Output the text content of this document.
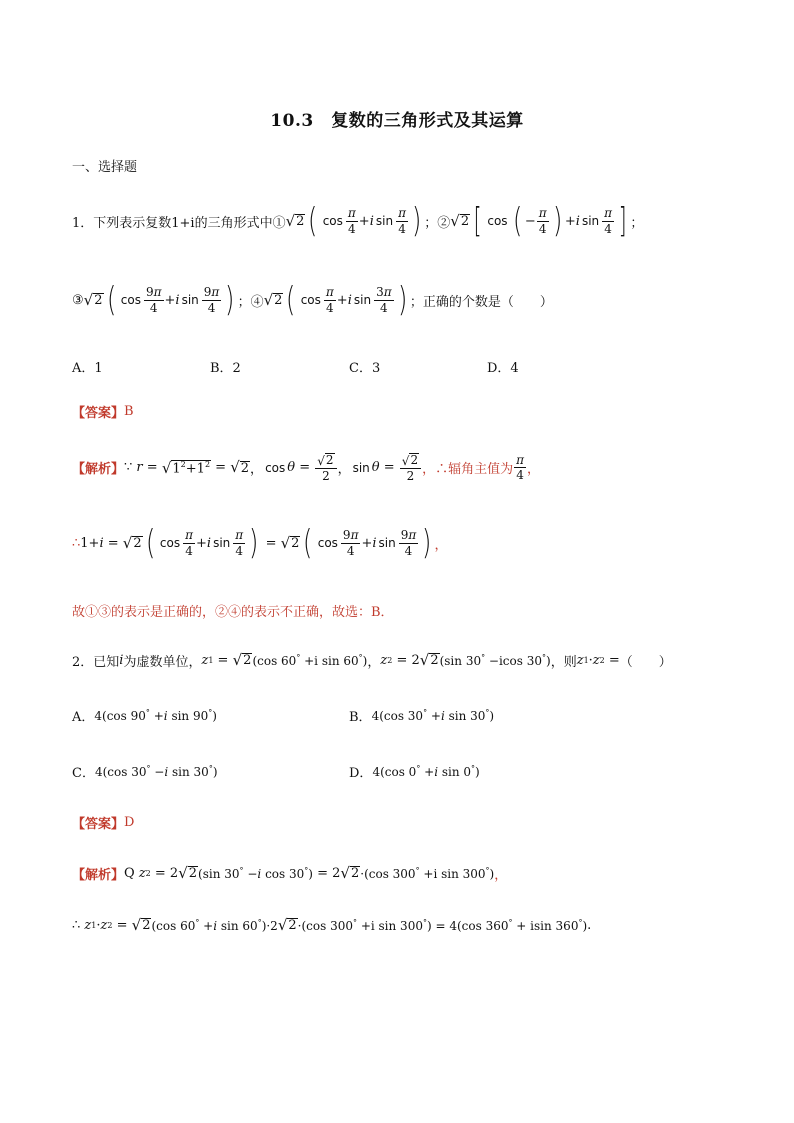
10.3　复数的三角形式及其运算
一、选择题
1．下列表示复数1+i的三角形式中① √ 2 ( $\cos \frac{\pi}{4} + i$ $\sin \frac{\pi}{4}$ ) ；② √ 2 [ cos ( − $\frac{\pi}{4}$ ) + i $\sin \frac{\pi}{4}$ ] ；
③ √ 2 ( $\cos \frac{9\pi}{4} + i$ $\sin \frac{9\pi}{4}$ ) ；④ √ 2 ( $\cos \frac{\pi}{4} + i$ $\sin \frac{3\pi}{4}$ ) ；正确的个数是（　　）
A．1	B．2	C．3	D．4
【答案】 B
【解析】 ∵ r = √ $1^2+1^2$ = √ 2 ， $\cos \theta = \frac{√ 2}{2}$ ， $\sin \theta = \frac{√ 2}{2}$ ，∴辐角主值为 $\frac{\pi}{4}$ ，
∴ 1+i = √ 2 ( $\cos \frac{\pi}{4} + i$ $\sin \frac{\pi}{4}$ ) = √ 2 ( $\cos \frac{9\pi}{4} + i$ $\sin \frac{9\pi}{4}$ ) ，
故①③的表示是正确的，②④的表示不正确，故选：B．
2．已知 i 为虚数单位， z 1 = √ 2 (cos 60° +i sin 60°) ， z 2 = 2 √ 2 (sin 30° −icos 30°) ，则 z 1 · z 2 = （　　）
A． 4(cos 90° +i sin 90°)	B． 4(cos 30° +i sin 30°)
C． 4(cos 30° −i sin 30°)	D． 4(cos 0° +i sin 0°)
【答案】 D
【解析】 Q z 2 = 2 √ 2 (sin 30° −i cos 30°) = 2 √ 2 ·(cos 300° +i sin 300°) ，
∴ z 1 · z 2 = √ 2 (cos 60° +i sin 60°)·2 √ 2 ·(cos 300° +i sin 300°) = 4(cos 360° + isin 360°) .
